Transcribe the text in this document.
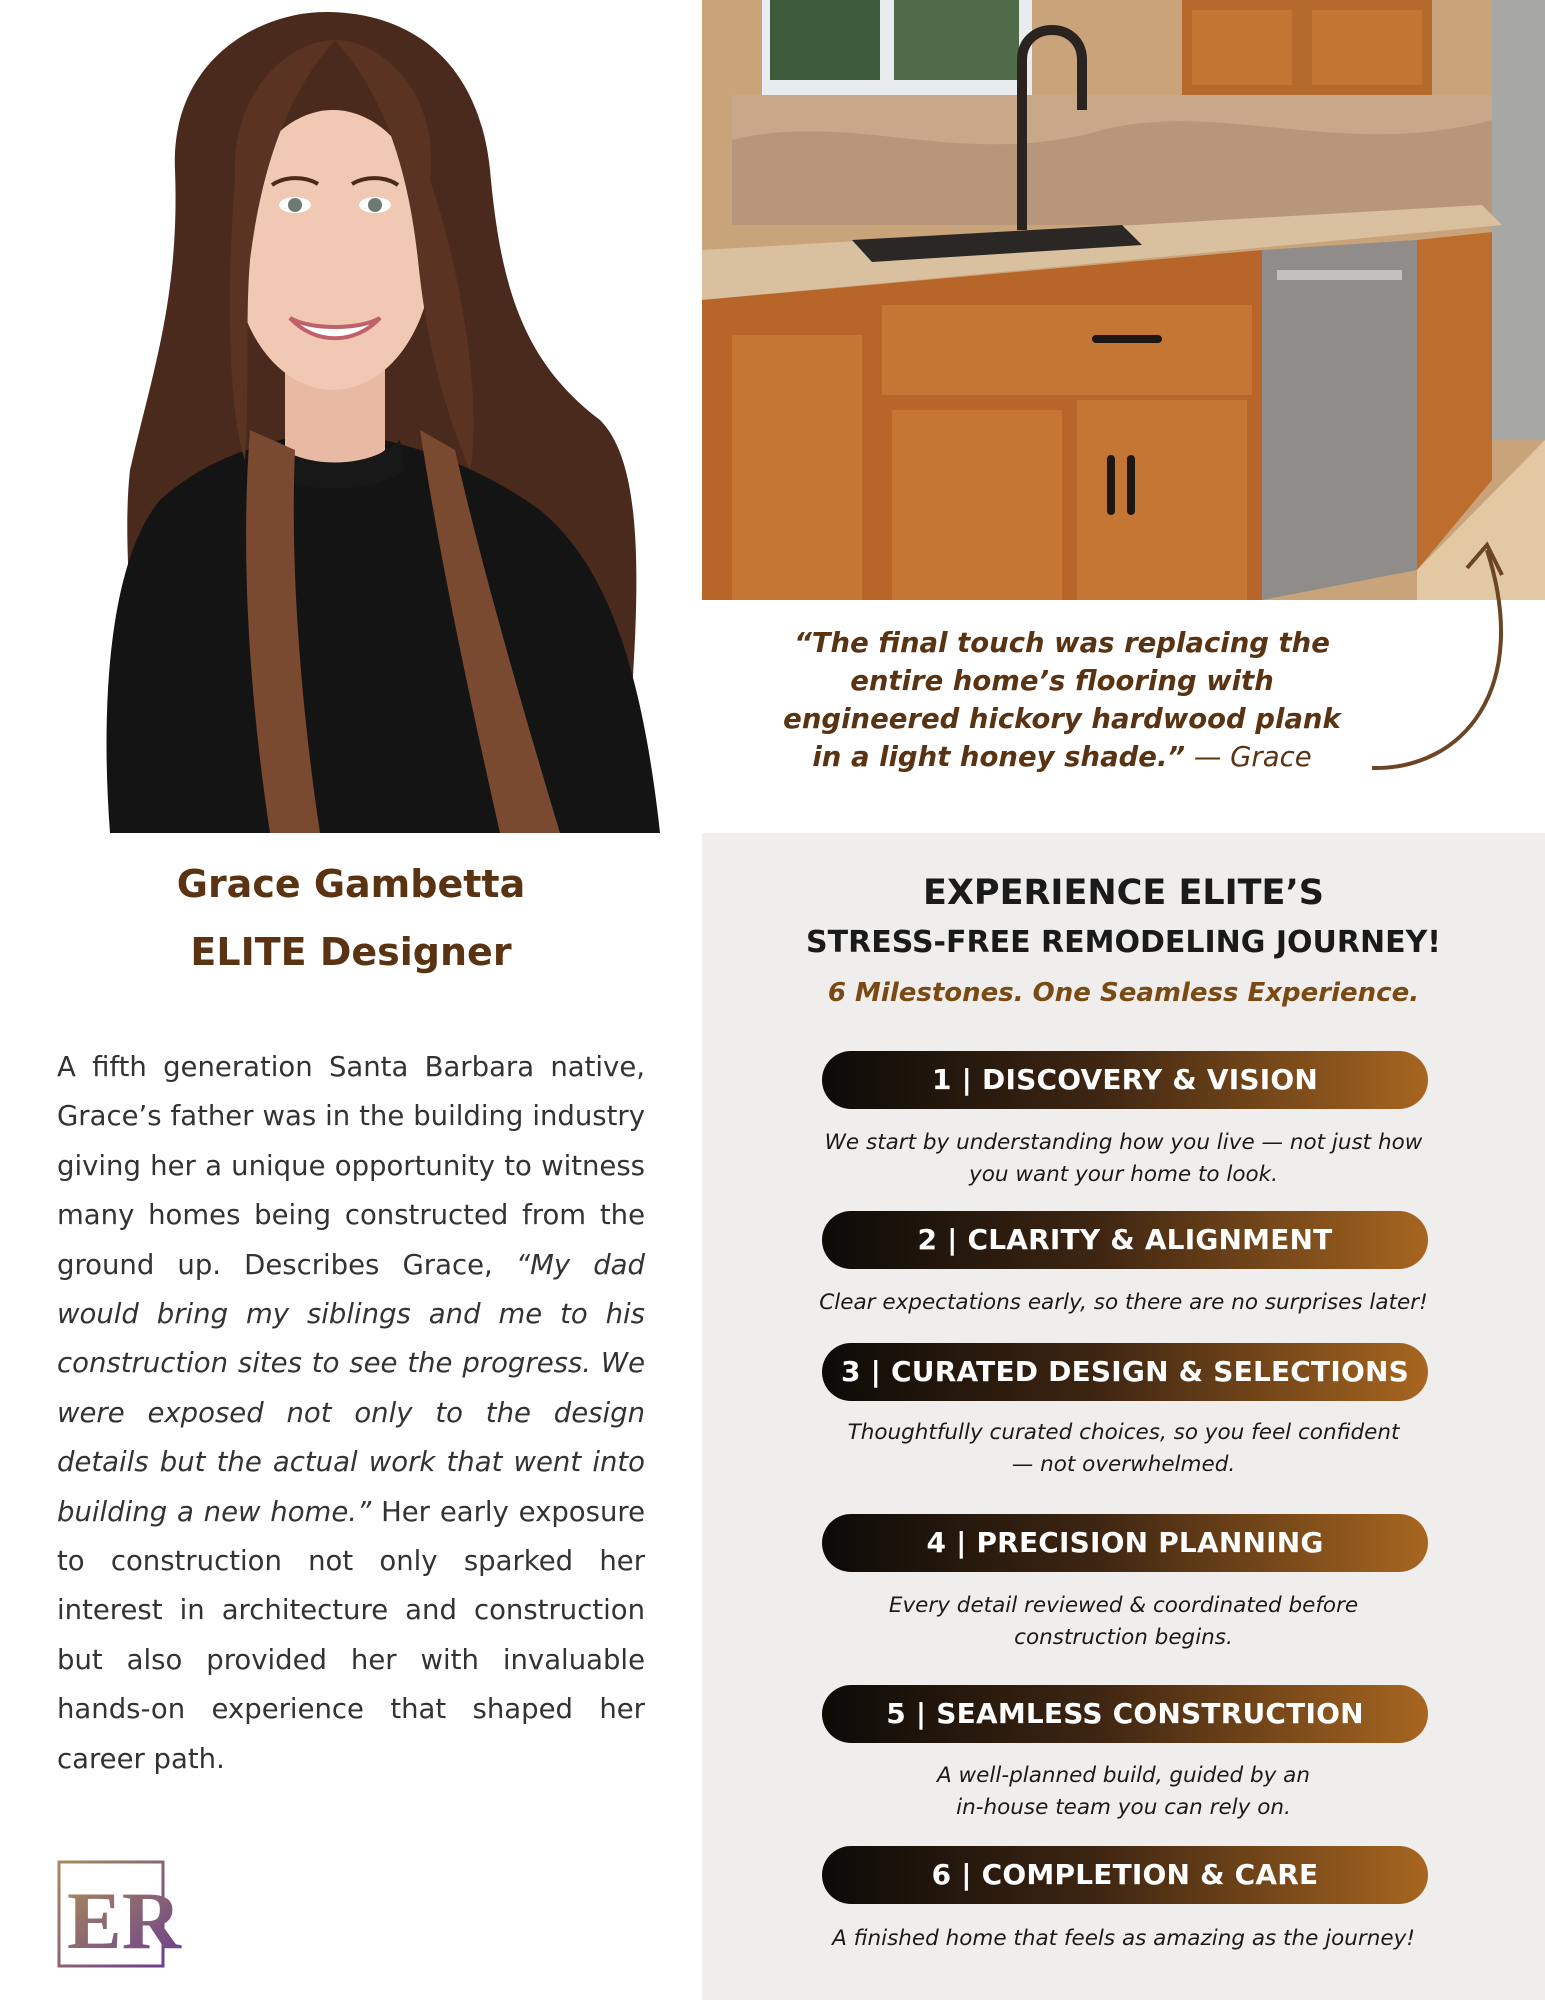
Grace Gambetta
ELITE Designer
A fifth generation Santa Barbara native, Grace’s father was in the building industry giving her a unique opportunity to witness many homes being constructed from the ground up. Describes Grace, “My dad would bring my siblings and me to his construction sites to see the progress. We were exposed not only to the design details but the actual work that went into building a new home.” Her early exposure to construction not only sparked her interest in architecture and construction but also provided her with invaluable hands-on experience that shaped her career path.
ER
“The final touch was replacing the entire home’s flooring with engineered hickory hardwood plank in a light honey shade.” — Grace
EXPERIENCE ELITE’S
STRESS-FREE REMODELING JOURNEY!
6 Milestones. One Seamless Experience.
1 | DISCOVERY & VISION
We start by understanding how you live — not just how
you want your home to look.
2 | CLARITY & ALIGNMENT
Clear expectations early, so there are no surprises later!
3 | CURATED DESIGN & SELECTIONS
Thoughtfully curated choices, so you feel confident
— not overwhelmed.
4 | PRECISION PLANNING
Every detail reviewed & coordinated before
construction begins.
5 | SEAMLESS CONSTRUCTION
A well-planned build, guided by an
in-house team you can rely on.
6 | COMPLETION & CARE
A finished home that feels as amazing as the journey!
